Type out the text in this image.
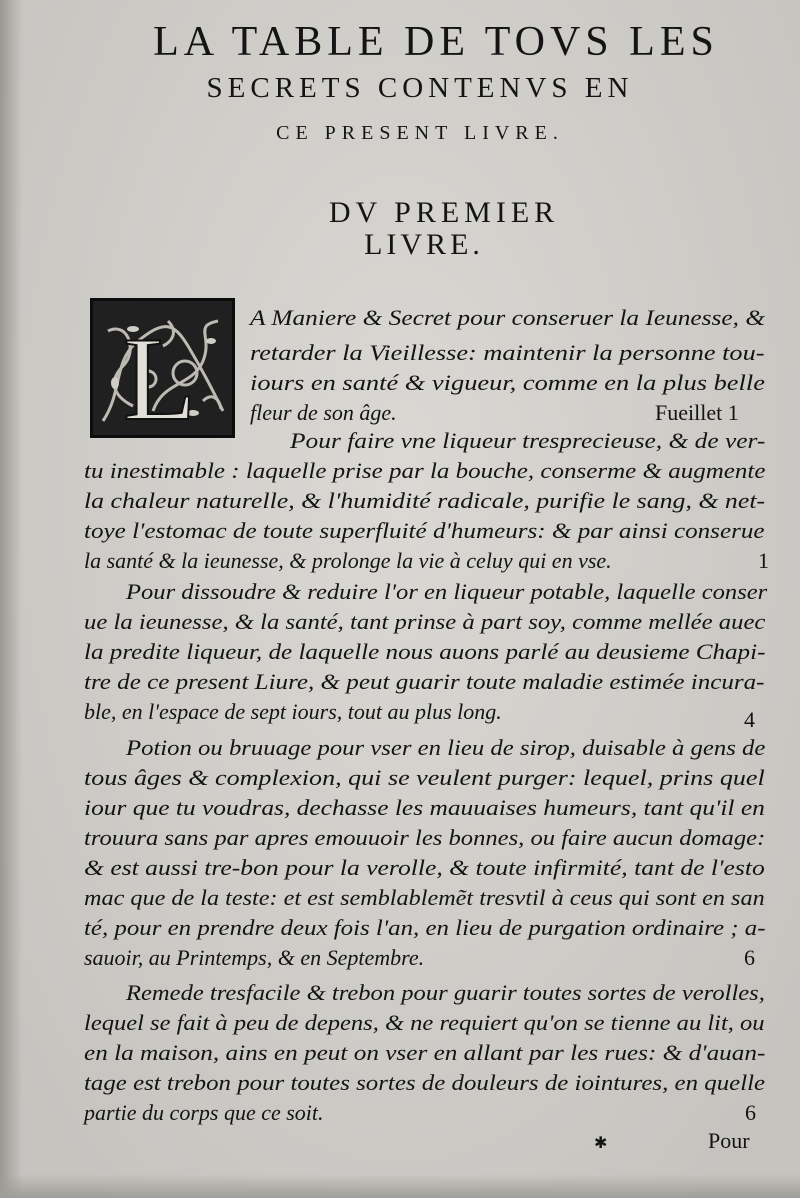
LA TABLE DE TOVS LES
SECRETS CONTENVS EN
CE PRESENT LIVRE.
DV PREMIER
LIVRE.
L A Maniere & Secret pour conseruer la Ieunesse, &
retarder la Vieillesse: maintenir la personne tou-
iours en santé & vigueur, comme en la plus belle
fleur de son âge.	Fueillet 1
Pour faire vne liqueur tresprecieuse, & de ver-
tu inestimable : laquelle prise par la bouche, conserme & augmente
la chaleur naturelle, & l'humidité radicale, purifie le sang, & net-
toye l'estomac de toute superfluité d'humeurs: & par ainsi conserue
la santé & la ieunesse, & prolonge la vie à celuy qui en vse.	1
Pour dissoudre & reduire l'or en liqueur potable, laquelle conser
ue la ieunesse, & la santé, tant prinse à part soy, comme mellée auec
la predite liqueur, de laquelle nous auons parlé au deusieme Chapi-
tre de ce present Liure, & peut guarir toute maladie estimée incura-
ble, en l'espace de sept iours, tout au plus long.	4
Potion ou bruuage pour vser en lieu de sirop, duisable à gens de
tous âges & complexion, qui se veulent purger: lequel, prins quel
iour que tu voudras, dechasse les mauuaises humeurs, tant qu'il en
trouura sans par apres emouuoir les bonnes, ou faire aucun domage:
& est aussi tre-bon pour la verolle, & toute infirmité, tant de l'esto
mac que de la teste: et est semblablemẽt tresvtil à ceus qui sont en san
té, pour en prendre deux fois l'an, en lieu de purgation ordinaire ; a-
sauoir, au Printemps, & en Septembre.	6
Remede tresfacile & trebon pour guarir toutes sortes de verolles,
lequel se fait à peu de depens, & ne requiert qu'on se tienne au lit, ou
en la maison, ains en peut on vser en allant par les rues: & d'auan-
tage est trebon pour toutes sortes de douleurs de iointures, en quelle
partie du corps que ce soit.	6
✱	Pour
